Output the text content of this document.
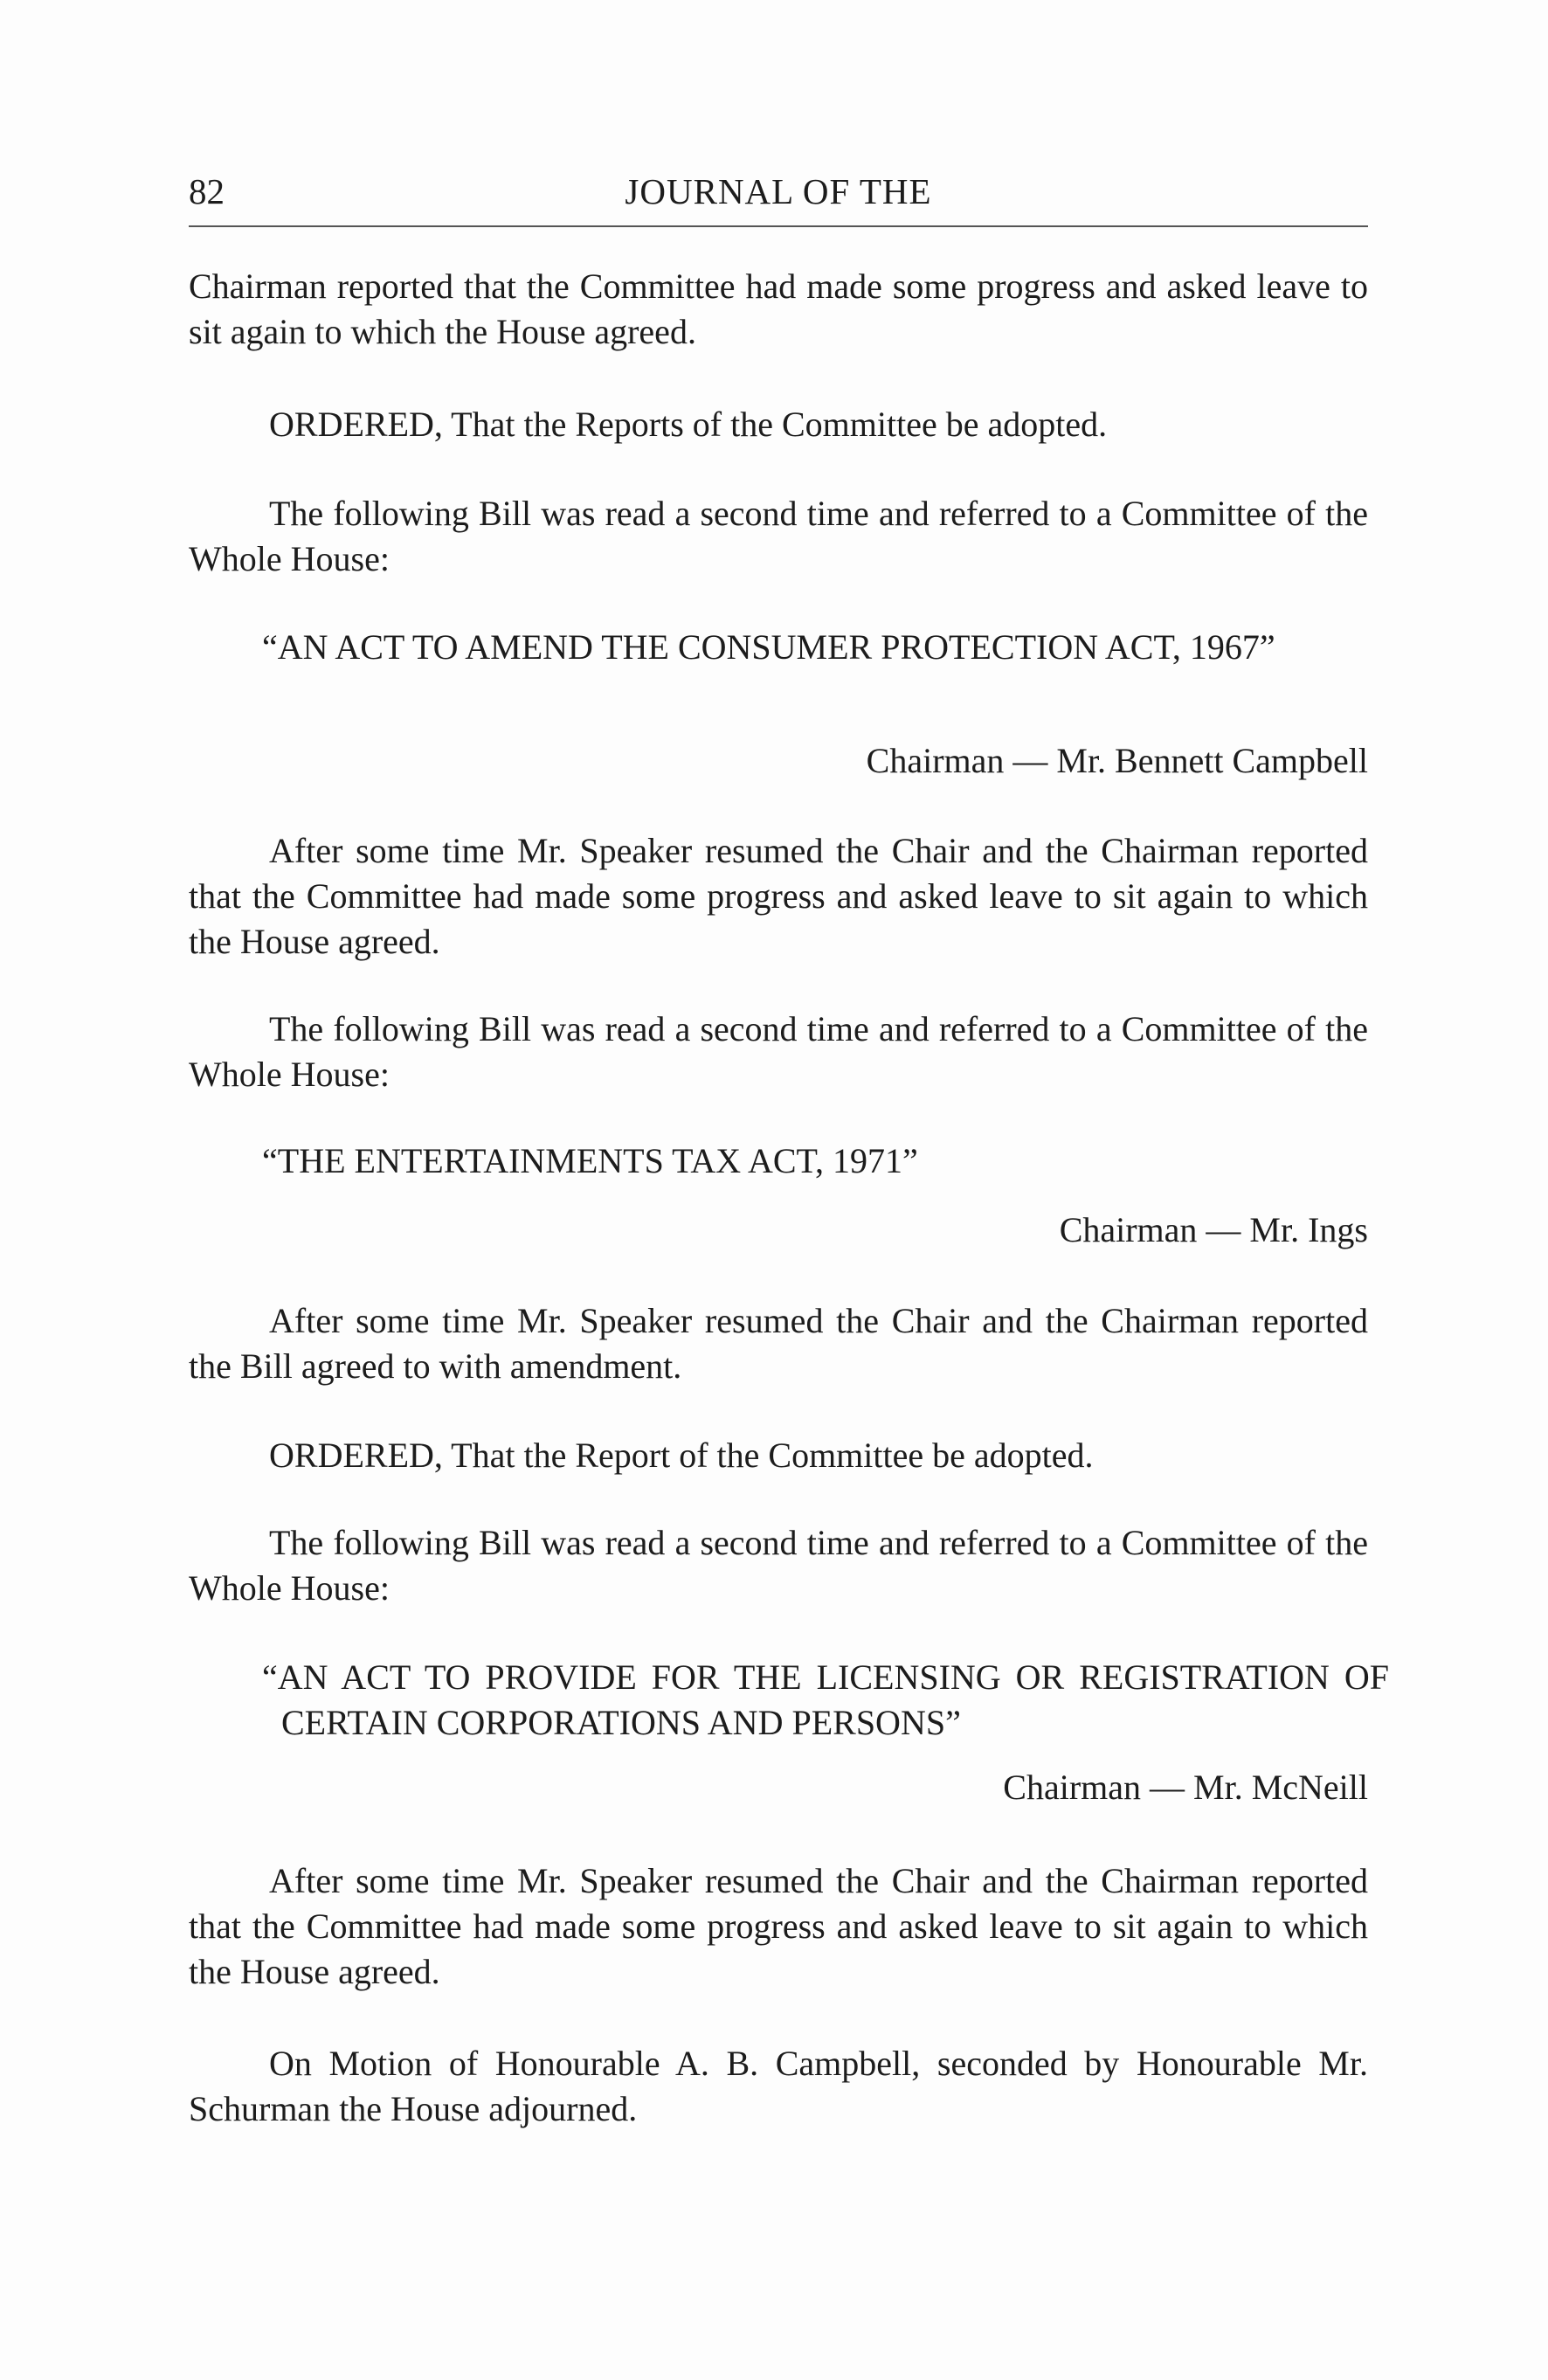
82	JOURNAL OF THE

Chairman reported that the Committee had made some progress and asked leave to sit again to which the House agreed.

ORDERED, That the Reports of the Committee be adopted.

The following Bill was read a second time and referred to a Committee of the Whole House:

“AN ACT TO AMEND THE CONSUMER PROTECTION ACT, 1967”

Chairman — Mr. Bennett Campbell

After some time Mr. Speaker resumed the Chair and the Chairman reported that the Committee had made some progress and asked leave to sit again to which the House agreed.

The following Bill was read a second time and referred to a Committee of the Whole House:

“THE ENTERTAINMENTS TAX ACT, 1971”

Chairman — Mr. Ings

After some time Mr. Speaker resumed the Chair and the Chairman reported the Bill agreed to with amendment.

ORDERED, That the Report of the Committee be adopted.

The following Bill was read a second time and referred to a Committee of the Whole House:

“AN ACT TO PROVIDE FOR THE LICENSING OR REGISTRATION OF CERTAIN CORPORATIONS AND PERSONS”

Chairman — Mr. McNeill

After some time Mr. Speaker resumed the Chair and the Chairman reported that the Committee had made some progress and asked leave to sit again to which the House agreed.

On Motion of Honourable A. B. Campbell, seconded by Honourable Mr. Schurman the House adjourned.
